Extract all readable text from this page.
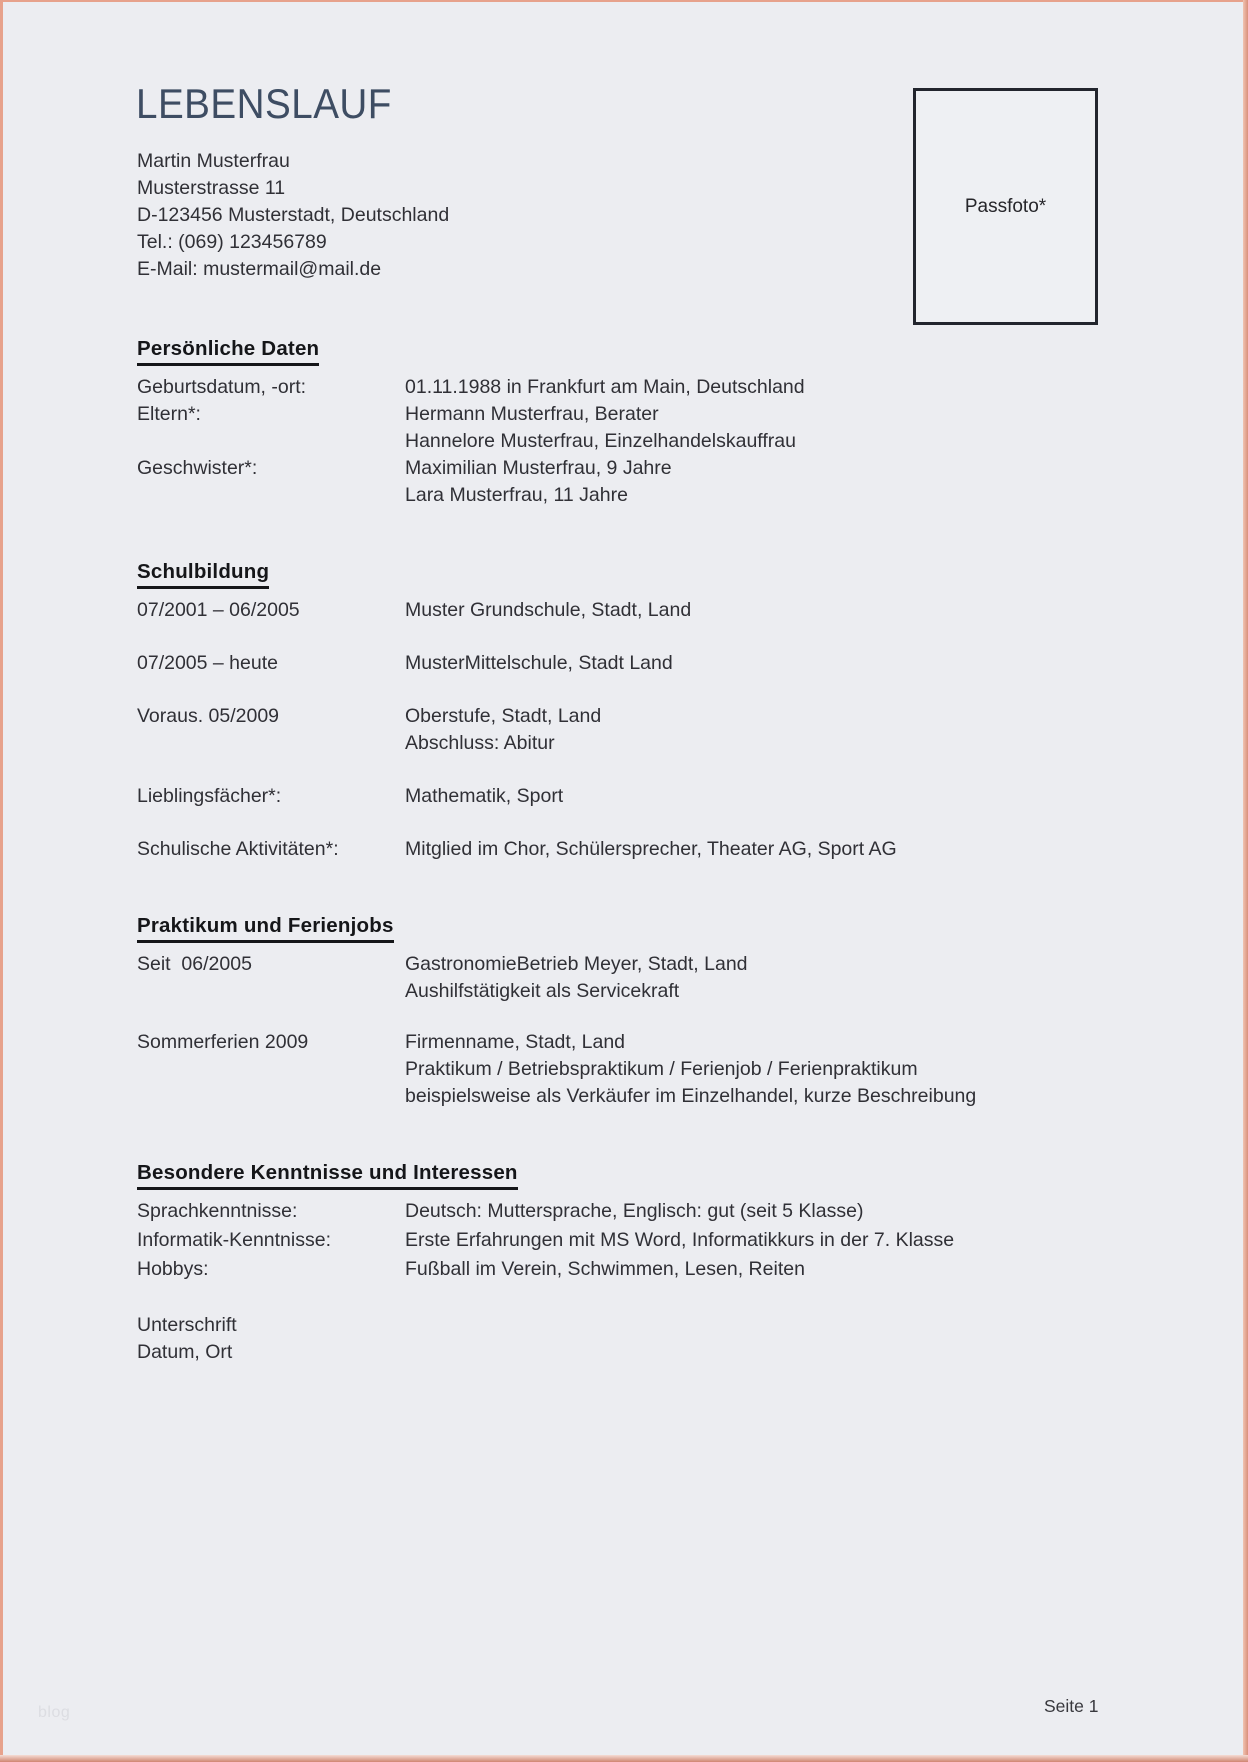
LEBENSLAUF
Martin Musterfrau
Musterstrasse 11
D-123456 Musterstadt, Deutschland
Tel.: (069) 123456789
E-Mail: mustermail@mail.de
Passfoto*
Persönliche Daten
Geburtsdatum, -ort:	01.11.1988 in Frankfurt am Main, Deutschland
Eltern*:	Hermann Musterfrau, Berater
Hannelore Musterfrau, Einzelhandelskauffrau
Geschwister*:	Maximilian Musterfrau, 9 Jahre
Lara Musterfrau, 11 Jahre
Schulbildung
07/2001 – 06/2005	Muster Grundschule, Stadt, Land
07/2005 – heute	MusterMittelschule, Stadt Land
Voraus. 05/2009	Oberstufe, Stadt, Land
Abschluss: Abitur
Lieblingsfächer*:	Mathematik, Sport
Schulische Aktivitäten*:	Mitglied im Chor, Schülersprecher, Theater AG, Sport AG
Praktikum und Ferienjobs
Seit  06/2005	GastronomieBetrieb Meyer, Stadt, Land
Aushilfstätigkeit als Servicekraft
Sommerferien 2009	Firmenname, Stadt, Land
Praktikum / Betriebspraktikum / Ferienjob / Ferienpraktikum
beispielsweise als Verkäufer im Einzelhandel, kurze Beschreibung
Besondere Kenntnisse und Interessen
Sprachkenntnisse:	Deutsch: Muttersprache, Englisch: gut (seit 5 Klasse)
Informatik-Kenntnisse:	Erste Erfahrungen mit MS Word, Informatikkurs in der 7. Klasse
Hobbys:	Fußball im Verein, Schwimmen, Lesen, Reiten
Unterschrift
Datum, Ort
blog	Seite 1
